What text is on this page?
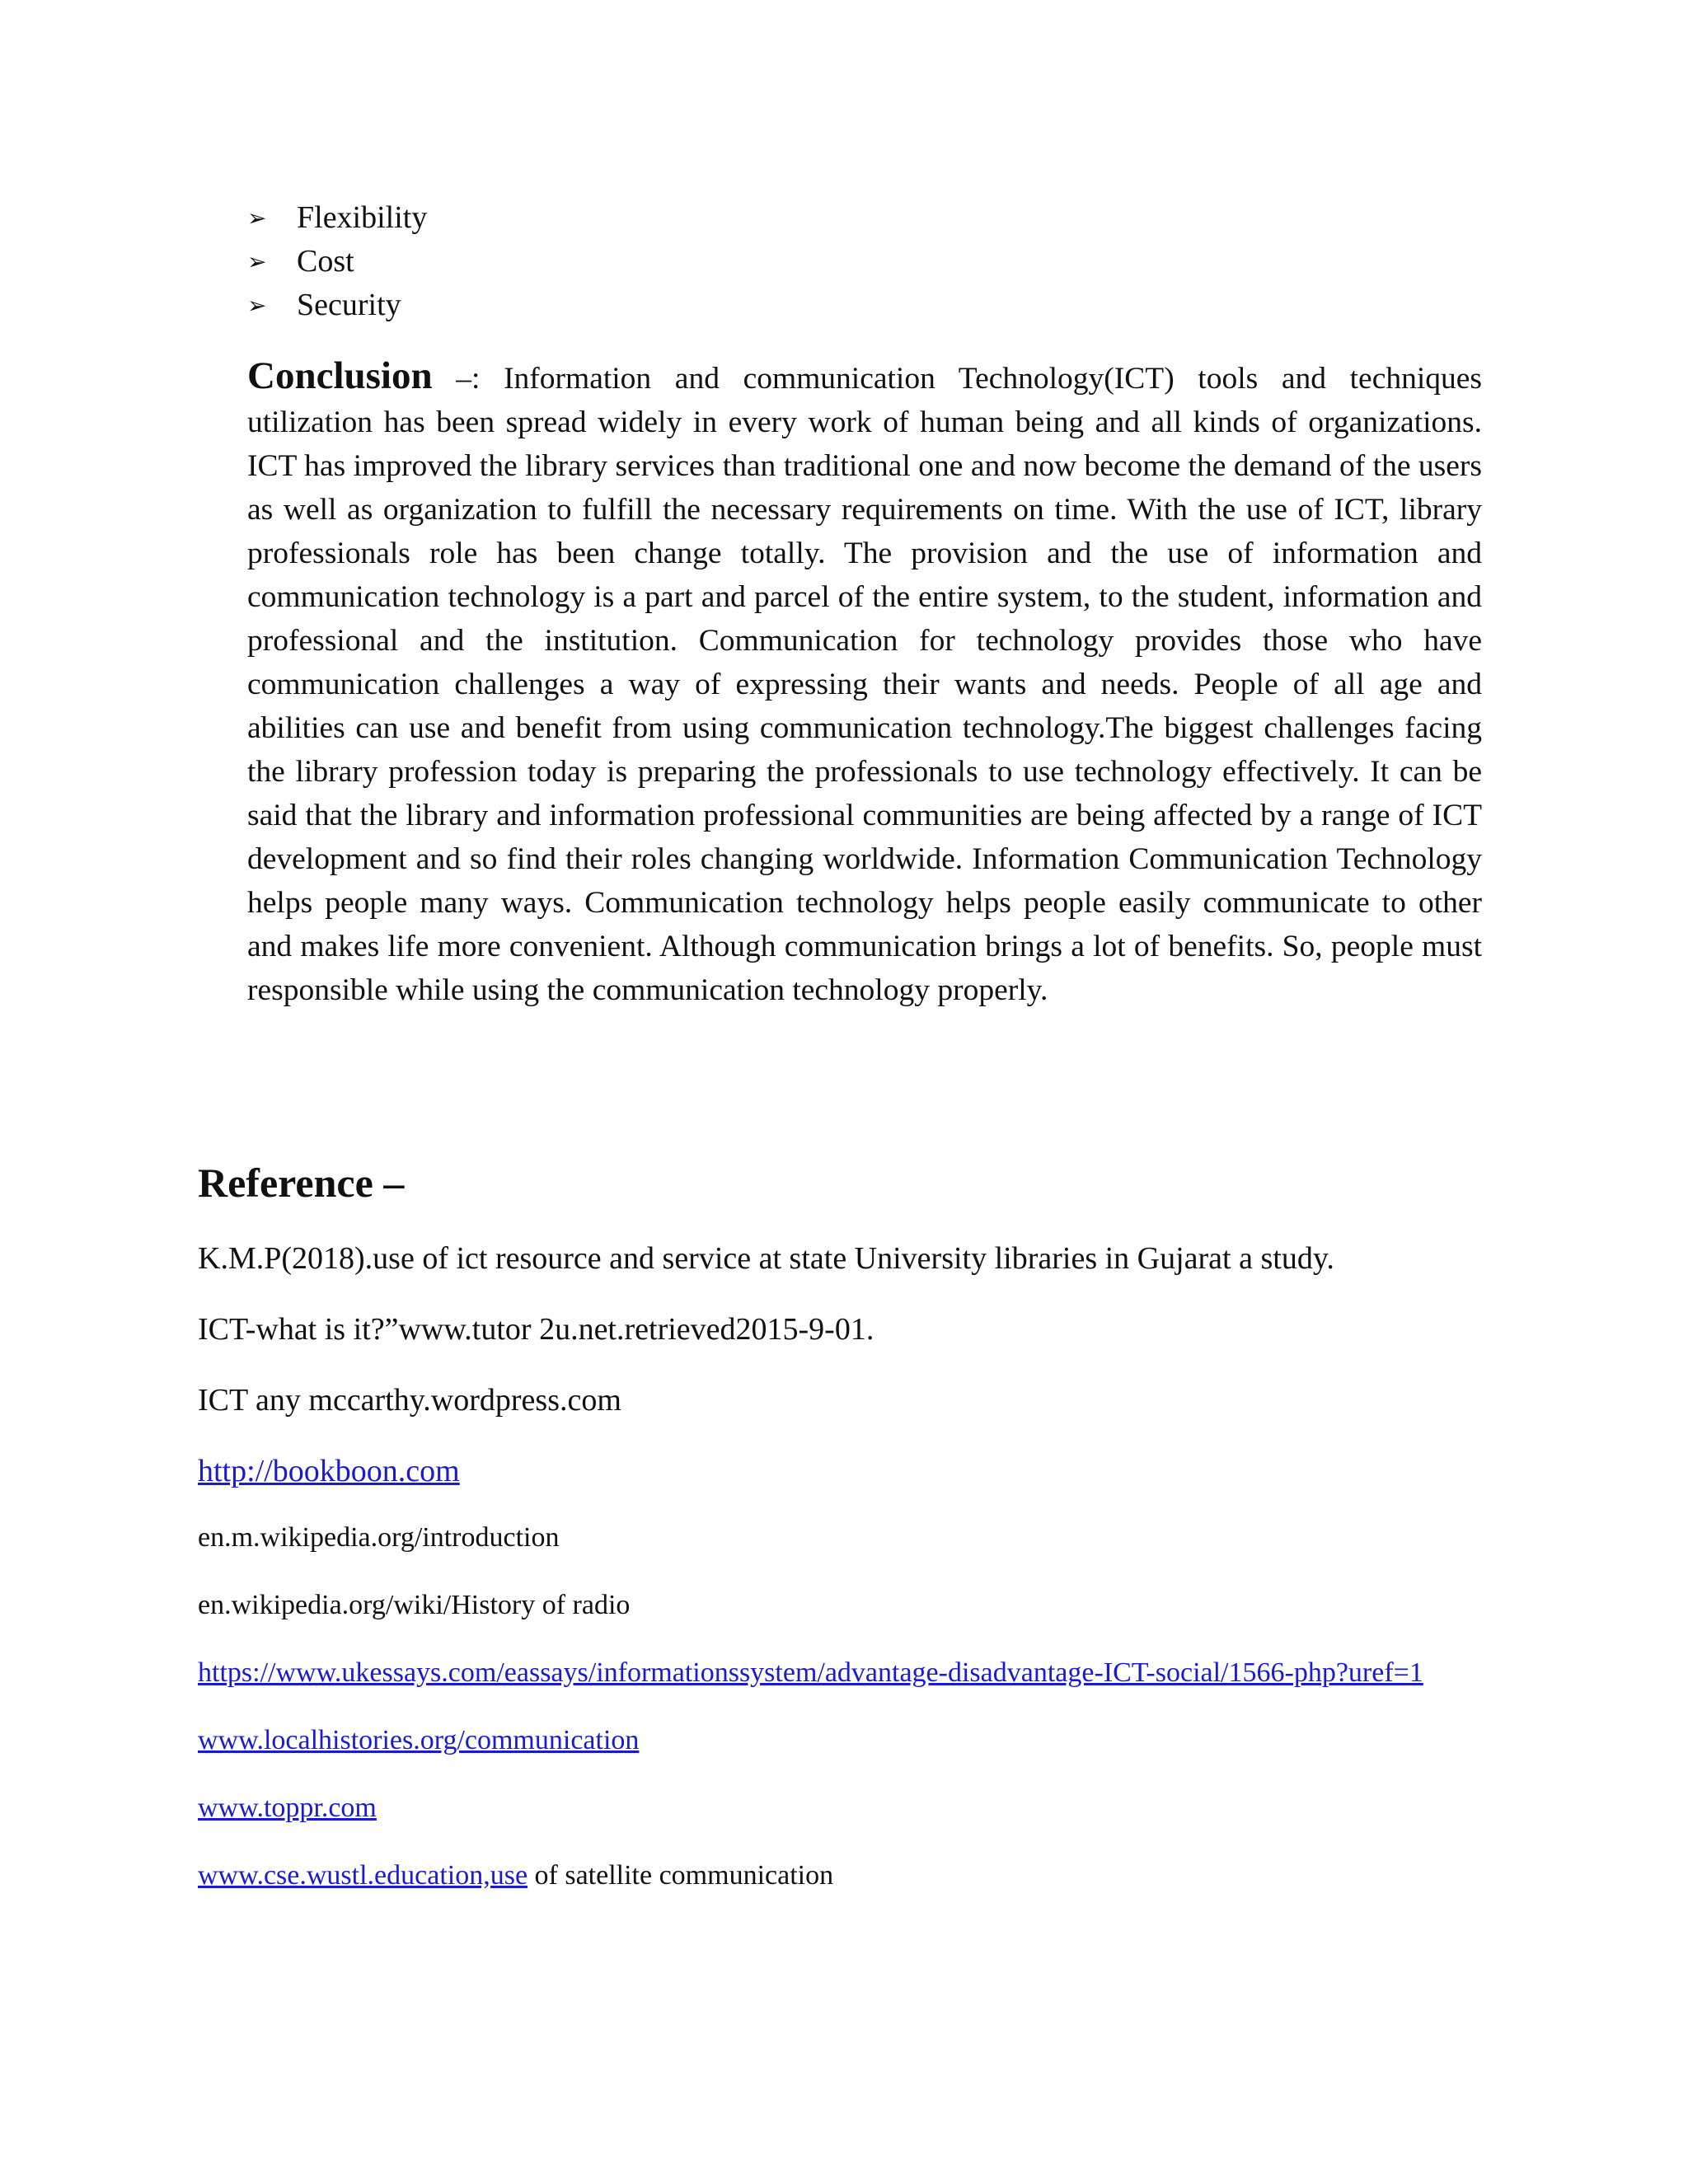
➢ Flexibility
➢ Cost
➢ Security

Conclusion –: Information and communication Technology(ICT) tools and techniques utilization has been spread widely in every work of human being and all kinds of organizations. ICT has improved the library services than traditional one and now become the demand of the users as well as organization to fulfill the necessary requirements on time. With the use of ICT, library professionals role has been change totally. The provision and the use of information and communication technology is a part and parcel of the entire system, to the student, information and professional and the institution. Communication for technology provides those who have communication challenges a way of expressing their wants and needs. People of all age and abilities can use and benefit from using communication technology.The biggest challenges facing the library profession today is preparing the professionals to use technology effectively. It can be said that the library and information professional communities are being affected by a range of ICT development and so find their roles changing worldwide. Information Communication Technology helps people many ways. Communication technology helps people easily communicate to other and makes life more convenient. Although communication brings a lot of benefits. So, people must responsible while using the communication technology properly.

Reference –
K.M.P(2018).use of ict resource and service at state University libraries in Gujarat a study.
ICT-what is it?”www.tutor 2u.net.retrieved2015-9-01.
ICT any mccarthy.wordpress.com
http://bookboon.com
en.m.wikipedia.org/introduction
en.wikipedia.org/wiki/History of radio
https://www.ukessays.com/eassays/informationssystem/advantage-disadvantage-ICT-social/1566-php?uref=1
www.localhistories.org/communication
www.toppr.com
www.cse.wustl.education,use of satellite communication
